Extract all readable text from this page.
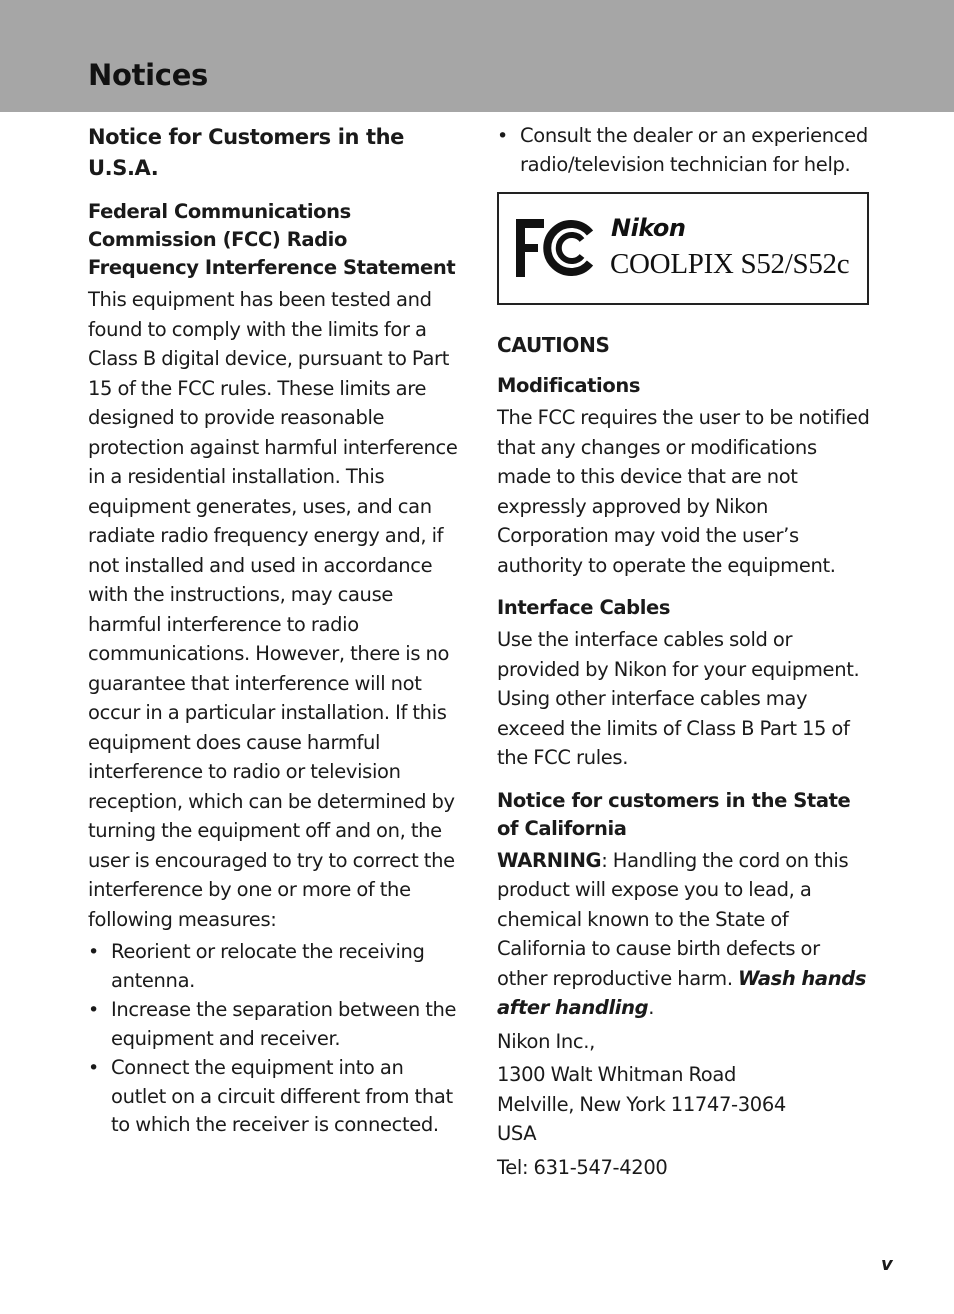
Notices
Notice for Customers in the U.S.A.
Federal Communications Commission (FCC) Radio Frequency Interference Statement

This equipment has been tested and found to comply with the limits for a Class B digital device, pursuant to Part 15 of the FCC rules. These limits are designed to provide reasonable protection against harmful interference in a residential installation. This equipment generates, uses, and can radiate radio frequency energy and, if not installed and used in accordance with the instructions, may cause harmful interference to radio communications. However, there is no guarantee that interference will not occur in a particular installation. If this equipment does cause harmful interference to radio or television reception, which can be determined by turning the equipment off and on, the user is encouraged to try to correct the interference by one or more of the following measures:

• Reorient or relocate the receiving antenna.
• Increase the separation between the equipment and receiver.
• Connect the equipment into an outlet on a circuit different from that to which the receiver is connected.
• Consult the dealer or an experienced radio/television technician for help.
Nikon
COOLPIX S52/S52c
CAUTIONS
Modifications

The FCC requires the user to be notified that any changes or modifications made to this device that are not expressly approved by Nikon Corporation may void the user’s authority to operate the equipment.

Interface Cables

Use the interface cables sold or provided by Nikon for your equipment. Using other interface cables may exceed the limits of Class B Part 15 of the FCC rules.

Notice for customers in the State of California

WARNING: Handling the cord on this product will expose you to lead, a chemical known to the State of California to cause birth defects or other reproductive harm. Wash hands after handling.

Nikon Inc.,

1300 Walt Whitman Road

Melville, New York 11747-3064

USA

Tel: 631-547-4200

v
